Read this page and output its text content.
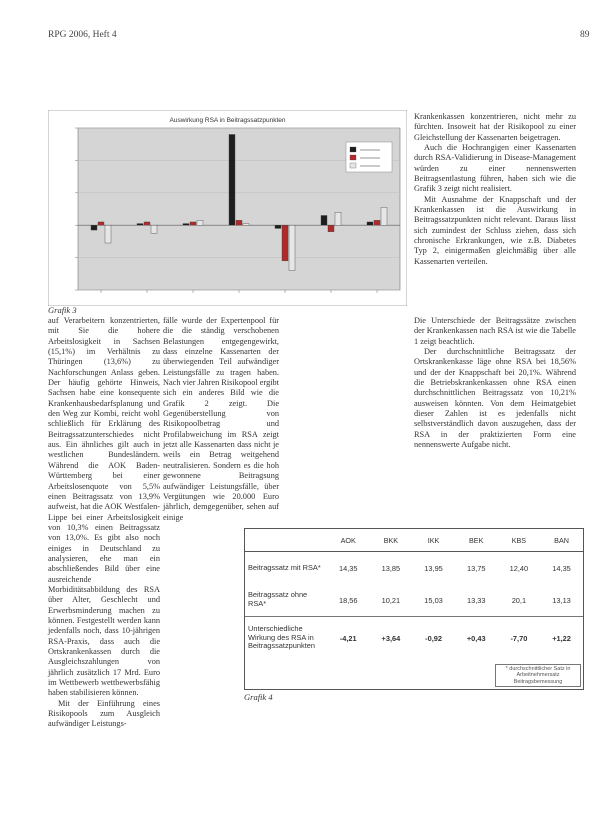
RPG 2006, Heft 4	89
Auswirkung RSA in Beitragssatzpunkten
Grafik 3

auf Verarbeitern konzentrierten, mit Sie die hohere Arbeitslosigkeit in Sachsen (15,1%) im Verhältnis zu Thüringen (13,6%) zu Nachforschungen Anlass geben. Der häufig gehörte Hinweis, Sachsen habe eine konsequente Krankenhausbedarfsplanung und den Weg zur Kombi, reicht wohl schließlich für Erklärung des Beitragssatzunterschiedes nicht aus. Ein ähnliches gilt auch in westlichen Bundesländern. Während die AOK Baden-Württemberg bei einer Arbeitslosenquote von 5,5% einen Beitragssatz von 13,9% aufweist, hat die AOK Westfalen-Lippe bei einer Arbeitslosigkeit von 10,3% einen Beitragssatz von 13,0%. Es gibt also noch einiges in Deutschland zu analysieren, ehe man ein abschließendes Bild über eine ausreichende Morbiditätsabbildung des RSA über Alter, Geschlecht und Erwerbsminderung machen zu können. Festgestellt werden kann jedenfalls noch, dass 10-jährigen RSA-Praxis, dass auch die Ortskrankenkassen durch die Ausgleichszahlungen von jährlich zusätzlich 17 Mrd. Euro im Wettbewerb wettbewerbsfähig haben stabilisieren können.

Mit der Einführung eines Risikopools zum Ausgleich aufwändiger Leistungs-

fälle wurde der Expertenpool für die die ständig verschobenen Belastungen entgegengewirkt, dass einzelne Kassenarten der überwiegenden Teil aufwändiger Leistungsfälle zu tragen haben. Nach vier Jahren Risikopool ergibt sich ein anderes Bild wie die Grafik 2 zeigt. Die Gegenüberstellung von Risikopoolbetrag und Profilabweichung im RSA zeigt jetzt alle Kassenarten dass nicht je weils ein Betrag weitgehend neutralisieren. Sondern es die hoh gewonnene Beitragsung aufwändiger Leistungsfälle, über Vergütungen wie 20.000 Euro jährlich, demgegenüber, sehen auf einige

Krankenkassen konzentrieren, nicht mehr zu fürchten. Insoweit hat der Risikopool zu einer Gleichstellung der Kassenarten beigetragen.

Auch die Hochrangigen einer Kassenarten durch RSA-Validierung in Disease-Management würden zu einer nennenswerten Beitragsentlastung führen, haben sich wie die Grafik 3 zeigt nicht realisiert.

Mit Ausnahme der Knappschaft und der Krankenkassen ist die Auswirkung in Beitragssatzpunkten nicht relevant. Daraus lässt sich zumindest der Schluss ziehen, dass sich chronische Erkrankungen, wie z.B. Diabetes Typ 2, einigermaßen gleichmäßig über alle Kassenarten verteilen.

Die Unterschiede der Beitragssätze zwischen der Krankenkassen nach RSA ist wie die Tabelle 1 zeigt beachtlich.

Der durchschnittliche Beitragssatz der Ortskrankenkasse läge ohne RSA bei 18,56% und der der Knappschaft bei 20,1%. Während die Betriebskrankenkassen ohne RSA einen durchschnittlichen Beitragssatz von 10,21% ausweisen könnten. Von dem Heimatgebiet dieser Zahlen ist es jedenfalls nicht selbstverständlich davon auszugehen, dass der RSA in der praktizierten Form eine nennenswerte Aufgabe nicht.

	AOK	BKK	IKK	BEK	KBS	BAN
Beitragssatz mit RSA*	14,35	13,85	13,95	13,75	12,40	14,35
Beitragssatz ohne RSA*	18,56	10,21	15,03	13,33	20,1	13,13
Unterschiedliche Wirkung des RSA in Beitragssatzpunkten	-4,21	+3,64	-0,92	+0,43	-7,70	+1,22
* durchschnittlicher Satz in Arbeitnehmersatz Beitragsbemessung
Grafik 4
